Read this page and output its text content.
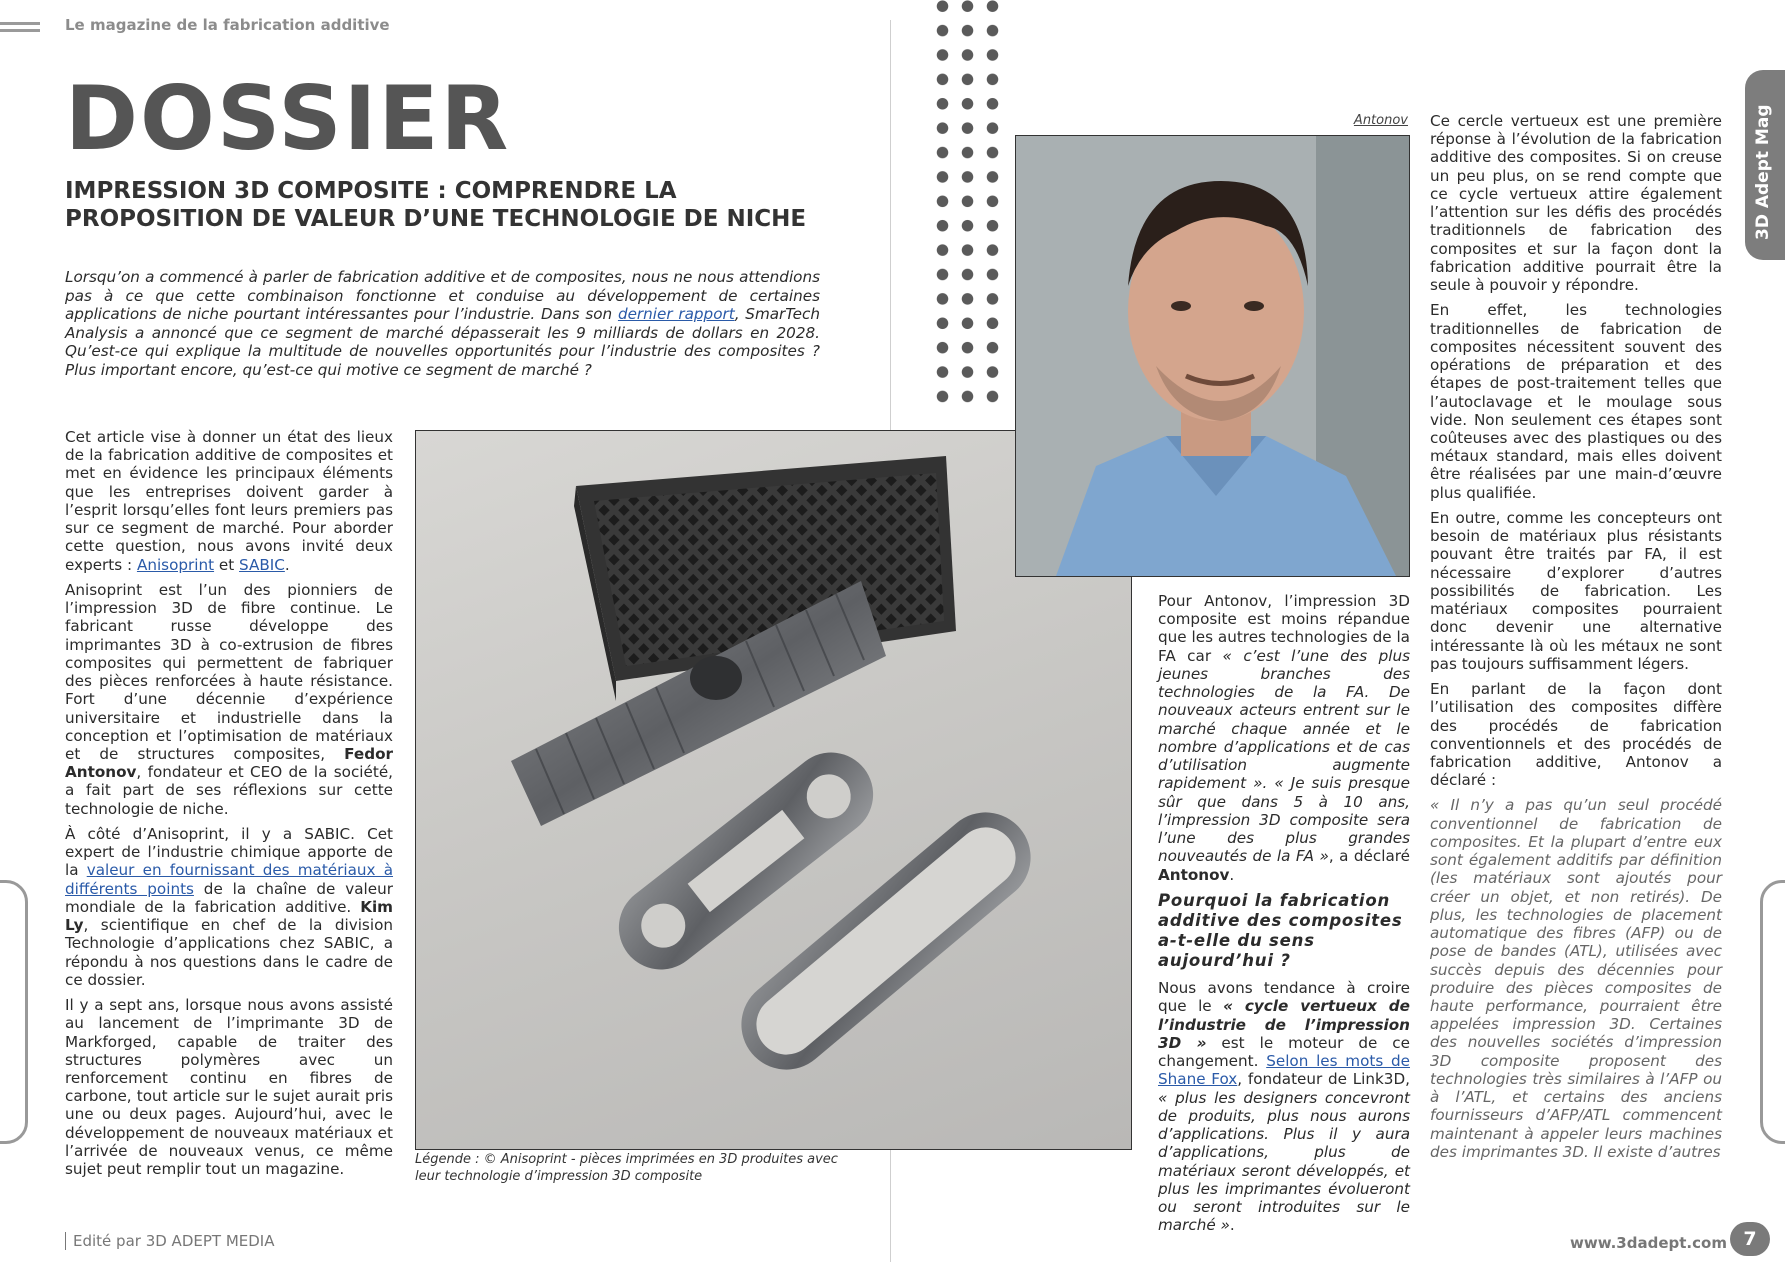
Le magazine de la fabrication additive
DOSSIER
IMPRESSION 3D COMPOSITE : COMPRENDRE LA PROPOSITION DE VALEUR D’UNE TECHNOLOGIE DE NICHE
Lorsqu’on a commencé à parler de fabrication additive et de composites, nous ne nous attendions pas à ce que cette combinaison fonctionne et conduise au développement de certaines applications de niche pourtant intéressantes pour l’industrie. Dans son dernier rapport, SmarTech Analysis a annoncé que ce segment de marché dépasserait les 9 milliards de dollars en 2028. Qu’est-ce qui explique la multitude de nouvelles opportunités pour l’industrie des composites ? Plus important encore, qu’est-ce qui motive ce segment de marché ?

Cet article vise à donner un état des lieux de la fabrication additive de composites et met en évidence les principaux éléments que les entreprises doivent garder à l’esprit lorsqu’elles font leurs premiers pas sur ce segment de marché. Pour aborder cette question, nous avons invité deux experts : Anisoprint et SABIC.

Anisoprint est l’un des pionniers de l’impression 3D de fibre continue. Le fabricant russe développe des imprimantes 3D à co-extrusion de fibres composites qui permettent de fabriquer des pièces renforcées à haute résistance. Fort d’une décennie d’expérience universitaire et industrielle dans la conception et l’optimisation de matériaux et de structures composites, Fedor Antonov, fondateur et CEO de la société, a fait part de ses réflexions sur cette technologie de niche.

À côté d’Anisoprint, il y a SABIC. Cet expert de l’industrie chimique apporte de la valeur en fournissant des matériaux à différents points de la chaîne de valeur mondiale de la fabrication additive. Kim Ly, scientifique en chef de la division Technologie d’applications chez SABIC, a répondu à nos questions dans le cadre de ce dossier.

Il y a sept ans, lorsque nous avons assisté au lancement de l’imprimante 3D de Markforged, capable de traiter des structures polymères avec un renforcement continu en fibres de carbone, tout article sur le sujet aurait pris une ou deux pages. Aujourd’hui, avec le développement de nouveaux matériaux et l’arrivée de nouveaux venus, ce même sujet peut remplir tout un magazine.

Légende : © Anisoprint - pièces imprimées en 3D produites avec leur technologie d’impression 3D composite
Antonov

Pour Antonov, l’impression 3D composite est moins répandue que les autres technologies de la FA car « c’est l’une des plus jeunes branches des technologies de la FA. De nouveaux acteurs entrent sur le marché chaque année et le nombre d’applications et de cas d’utilisation augmente rapidement ». « Je suis presque sûr que dans 5 à 10 ans, l’impression 3D composite sera l’une des plus grandes nouveautés de la FA », a déclaré Antonov.

Pourquoi la fabrication additive des composites a-t-elle du sens aujourd’hui ?

Nous avons tendance à croire que le « cycle vertueux de l’industrie de l’impression 3D » est le moteur de ce changement. Selon les mots de Shane Fox, fondateur de Link3D, « plus les designers concevront de produits, plus nous aurons d’applications. Plus il y aura d’applications, plus de matériaux seront développés, et plus les imprimantes évolueront ou seront introduites sur le marché ».

Ce cercle vertueux est une première réponse à l’évolution de la fabrication additive des composites. Si on creuse un peu plus, on se rend compte que ce cycle vertueux attire également l’attention sur les défis des procédés traditionnels de fabrication des composites et sur la façon dont la fabrication additive pourrait être la seule à pouvoir y répondre.

En effet, les technologies traditionnelles de fabrication de composites nécessitent souvent des opérations de préparation et des étapes de post-traitement telles que l’autoclavage et le moulage sous vide. Non seulement ces étapes sont coûteuses avec des plastiques ou des métaux standard, mais elles doivent être réalisées par une main-d’œuvre plus qualifiée.

En outre, comme les concepteurs ont besoin de matériaux plus résistants pouvant être traités par FA, il est nécessaire d’explorer d’autres possibilités de fabrication. Les matériaux composites pourraient donc devenir une alternative intéressante là où les métaux ne sont pas toujours suffisamment légers.

En parlant de la façon dont l’utilisation des composites diffère des procédés de fabrication conventionnels et des procédés de fabrication additive, Antonov a déclaré :

« Il n’y a pas qu’un seul procédé conventionnel de fabrication de composites. Et la plupart d’entre eux sont également additifs par définition (les matériaux sont ajoutés pour créer un objet, et non retirés). De plus, les technologies de placement automatique des fibres (AFP) ou de pose de bandes (ATL), utilisées avec succès depuis des décennies pour produire des pièces composites de haute performance, pourraient être appelées impression 3D. Certaines des nouvelles sociétés d’impression 3D composite proposent des technologies très similaires à l’AFP ou à l’ATL, et certains des anciens fournisseurs d’AFP/ATL commencent maintenant à appeler leurs machines des imprimantes 3D. Il existe d’autres

3D Adept Mag
Edité par 3D ADEPT MEDIA	www.3dadept.com 7
